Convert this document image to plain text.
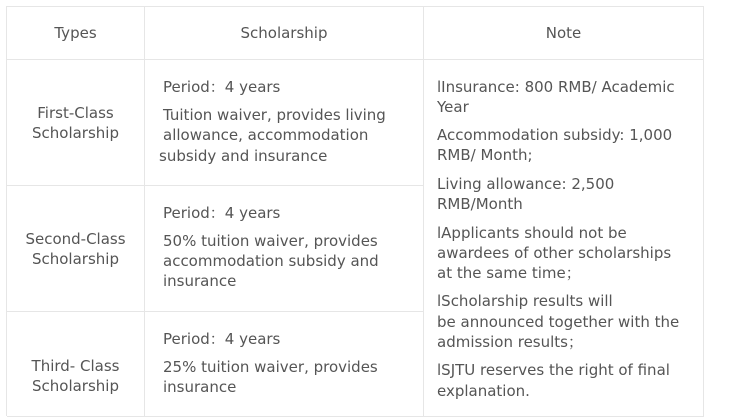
Types	Scholarship	Note
First-Class
Scholarship

Period：4 years

Tuition waiver, provides living

allowance, accommodation

subsidy and insurance

Second-Class
Scholarship

Period：4 years

50% tuition waiver, provides

accommodation subsidy and

insurance

Third- Class
Scholarship

Period：4 years

25% tuition waiver, provides

insurance

lInsurance: 800 RMB/ Academic

Year

Accommodation subsidy: 1,000

RMB/ Month;

Living allowance: 2,500

RMB/Month

lApplicants should not be

awardees of other scholarships

at the same time；

lScholarship results will

be announced together with the

admission results；

lSJTU reserves the right of final

explanation.
